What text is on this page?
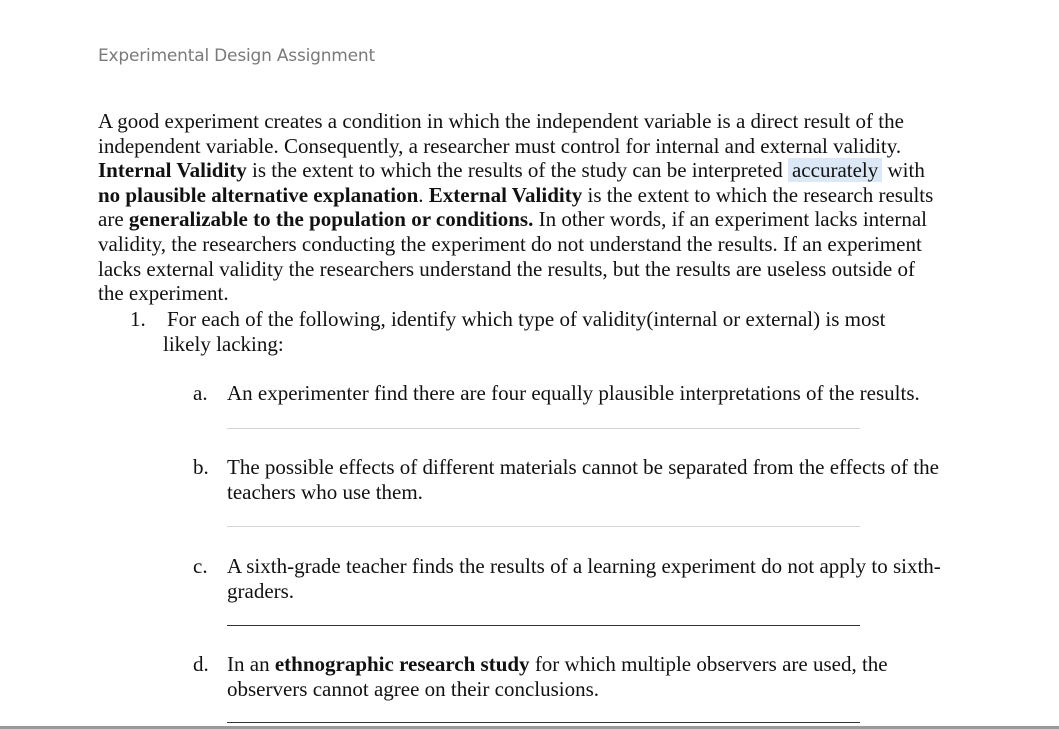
Experimental Design Assignment
A good experiment creates a condition in which the independent variable is a direct result of the independent variable. Consequently, a researcher must control for internal and external validity. Internal Validity is the extent to which the results of the study can be interpreted accurately with no plausible alternative explanation. External Validity is the extent to which the research results are generalizable to the population or conditions. In other words, if an experiment lacks internal validity, the researchers conducting the experiment do not understand the results. If an experiment lacks external validity the researchers understand the results, but the results are useless outside of the experiment.
1. For each of the following, identify which type of validity(internal or external) is most likely lacking:
a. An experimenter find there are four equally plausible interpretations of the results.
b. The possible effects of different materials cannot be separated from the effects of the teachers who use them.
c. A sixth-grade teacher finds the results of a learning experiment do not apply to sixth-graders.
d. In an ethnographic research study for which multiple observers are used, the observers cannot agree on their conclusions.
